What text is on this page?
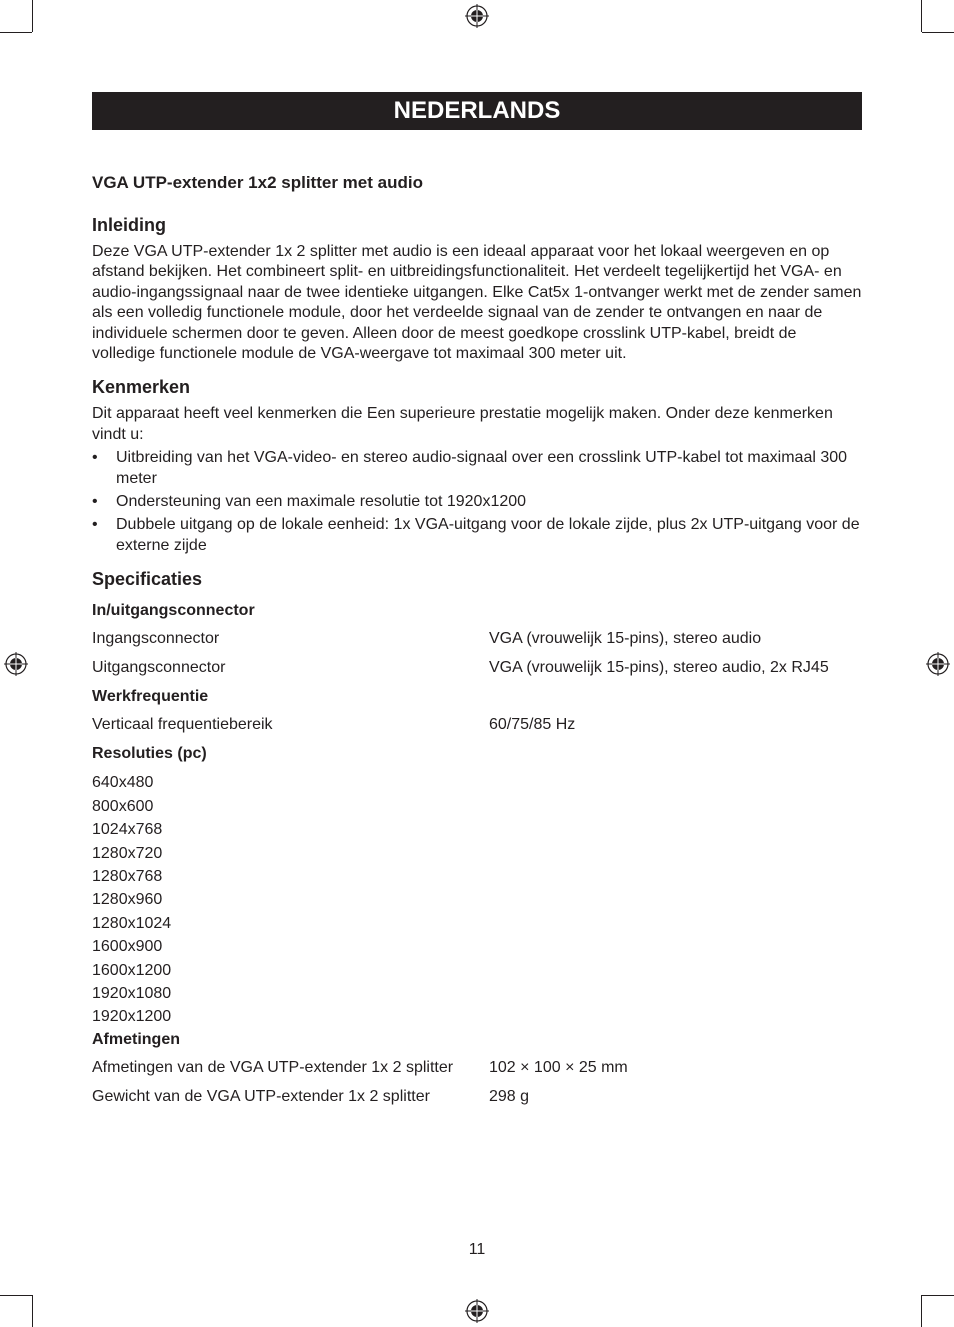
NEDERLANDS
VGA UTP-extender 1x2 splitter met audio
Inleiding

Deze VGA UTP-extender 1x 2 splitter met audio is een ideaal apparaat voor het lokaal weergeven en op afstand bekijken. Het combineert split- en uitbreidingsfunctionaliteit. Het verdeelt tegelijkertijd het VGA- en audio-ingangssignaal naar de twee identieke uitgangen. Elke Cat5x 1-ontvanger werkt met de zender samen als een volledig functionele module, door het verdeelde signaal van de zender te ontvangen en naar de individuele schermen door te geven. Alleen door de meest goedkope crosslink UTP-kabel, breidt de volledige functionele module de VGA-weergave tot maximaal 300 meter uit.

Kenmerken

Dit apparaat heeft veel kenmerken die Een superieure prestatie mogelijk maken. Onder deze kenmerken vindt u:

• Uitbreiding van het VGA-video- en stereo audio-signaal over een crosslink UTP-kabel tot maximaal 300 meter
• Ondersteuning van een maximale resolutie tot 1920x1200
• Dubbele uitgang op de lokale eenheid: 1x VGA-uitgang voor de lokale zijde, plus 2x UTP-uitgang voor de externe zijde
Specificaties
In/uitgangsconnector
Ingangsconnector	VGA (vrouwelijk 15-pins), stereo audio
Uitgangsconnector	VGA (vrouwelijk 15-pins), stereo audio, 2x RJ45
Werkfrequentie
Verticaal frequentiebereik	60/75/85 Hz
Resoluties (pc)
640x480
800x600
1024x768
1280x720
1280x768
1280x960
1280x1024
1600x900
1600x1200
1920x1080
1920x1200
Afmetingen
Afmetingen van de VGA UTP-extender 1x 2 splitter	102 × 100 × 25 mm
Gewicht van de VGA UTP-extender 1x 2 splitter	298 g
11
